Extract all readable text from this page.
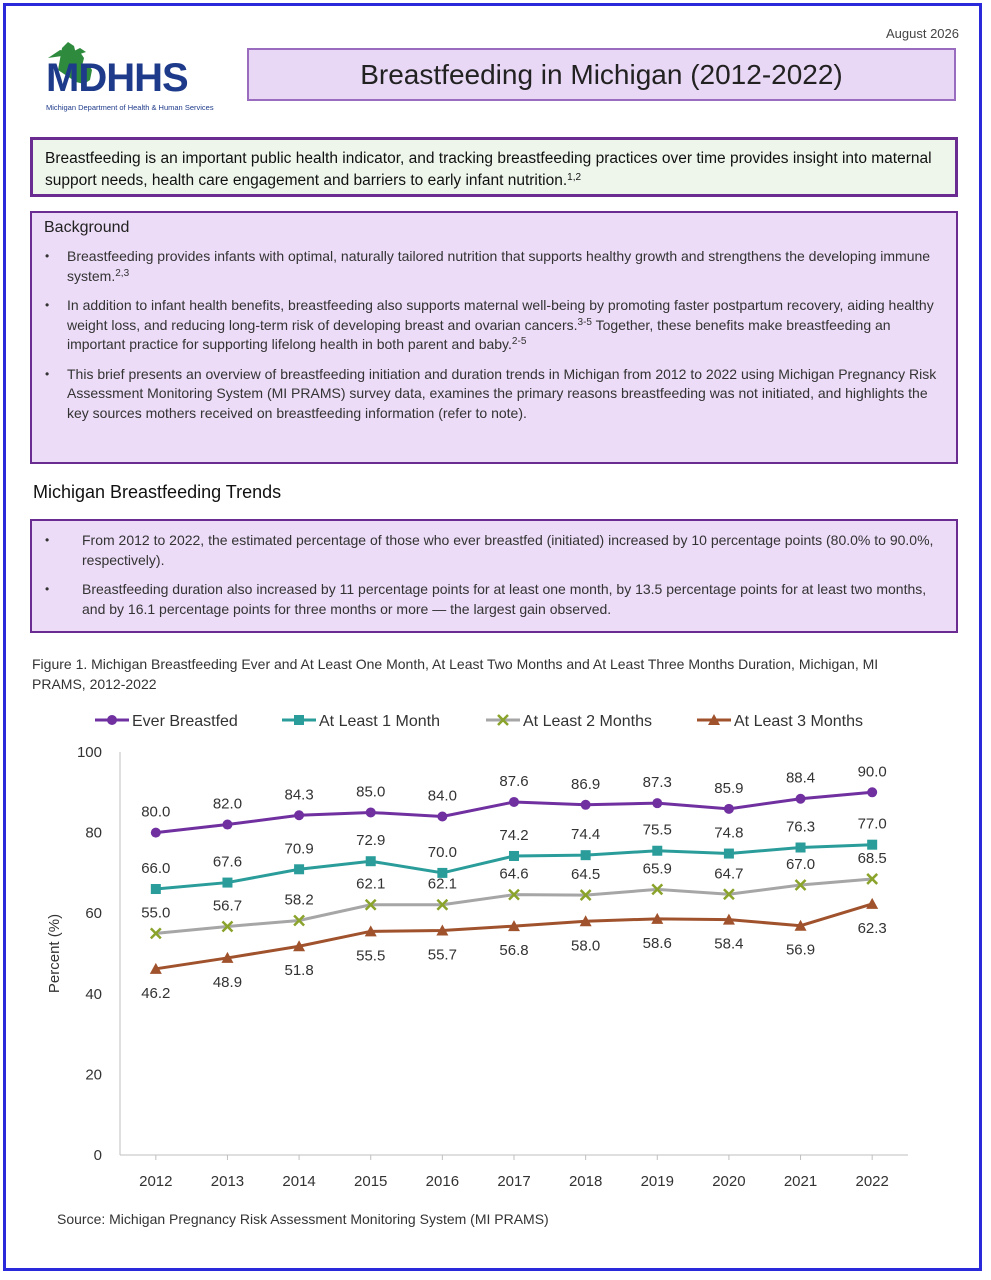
August 2026
MDHHS
Michigan Department of Health & Human Services
Breastfeeding in Michigan (2012-2022)
Breastfeeding is an important public health indicator, and tracking breastfeeding practices over time provides insight into maternal support needs, health care engagement and barriers to early infant nutrition.$^{1,2}$
Background
• Breastfeeding provides infants with optimal, naturally tailored nutrition that supports healthy growth and strengthens the developing immune system.$^{2,3}$
• In addition to infant health benefits, breastfeeding also supports maternal well-being by promoting faster postpartum recovery, aiding healthy weight loss, and reducing long-term risk of developing breast and ovarian cancers.$^{3-5}$ Together, these benefits make breastfeeding an important practice for supporting lifelong health in both parent and baby.$^{2-5}$
• This brief presents an overview of breastfeeding initiation and duration trends in Michigan from 2012 to 2022 using Michigan Pregnancy Risk Assessment Monitoring System (MI PRAMS) survey data, examines the primary reasons breastfeeding was not initiated, and highlights the key sources mothers received on breastfeeding information (refer to note).
Michigan Breastfeeding Trends
• From 2012 to 2022, the estimated percentage of those who ever breastfed (initiated) increased by 10 percentage points (80.0% to 90.0%, respectively).
• Breastfeeding duration also increased by 11 percentage points for at least one month, by 13.5 percentage points for at least two months, and by 16.1 percentage points for three months or more — the largest gain observed.
Figure 1. Michigan Breastfeeding Ever and At Least One Month, At Least Two Months and At Least Three Months Duration, Michigan, MI PRAMS, 2012-2022
0
20
40
60
80
100
2012	2013	2014	2015	2016	2017	2018	2019	2020	2021	2022
Percent (%)
80.0	82.0
84.3	85.0	84.0
87.6	86.9	87.3	85.9
88.4	90.0
66.0	67.6
70.9	72.9
70.0
74.2	74.4	75.5	74.8	76.3	77.0
55.0	56.7	58.2
62.1	62.1
64.6	64.5	65.9	64.7
67.0	68.5
46.2
48.9
51.8
55.5	55.7	56.8	58.0	58.6	58.4	56.9
62.3
Ever Breastfed	At Least 1 Month	At Least 2 Months	At Least 3 Months
Source: Michigan Pregnancy Risk Assessment Monitoring System (MI PRAMS)
